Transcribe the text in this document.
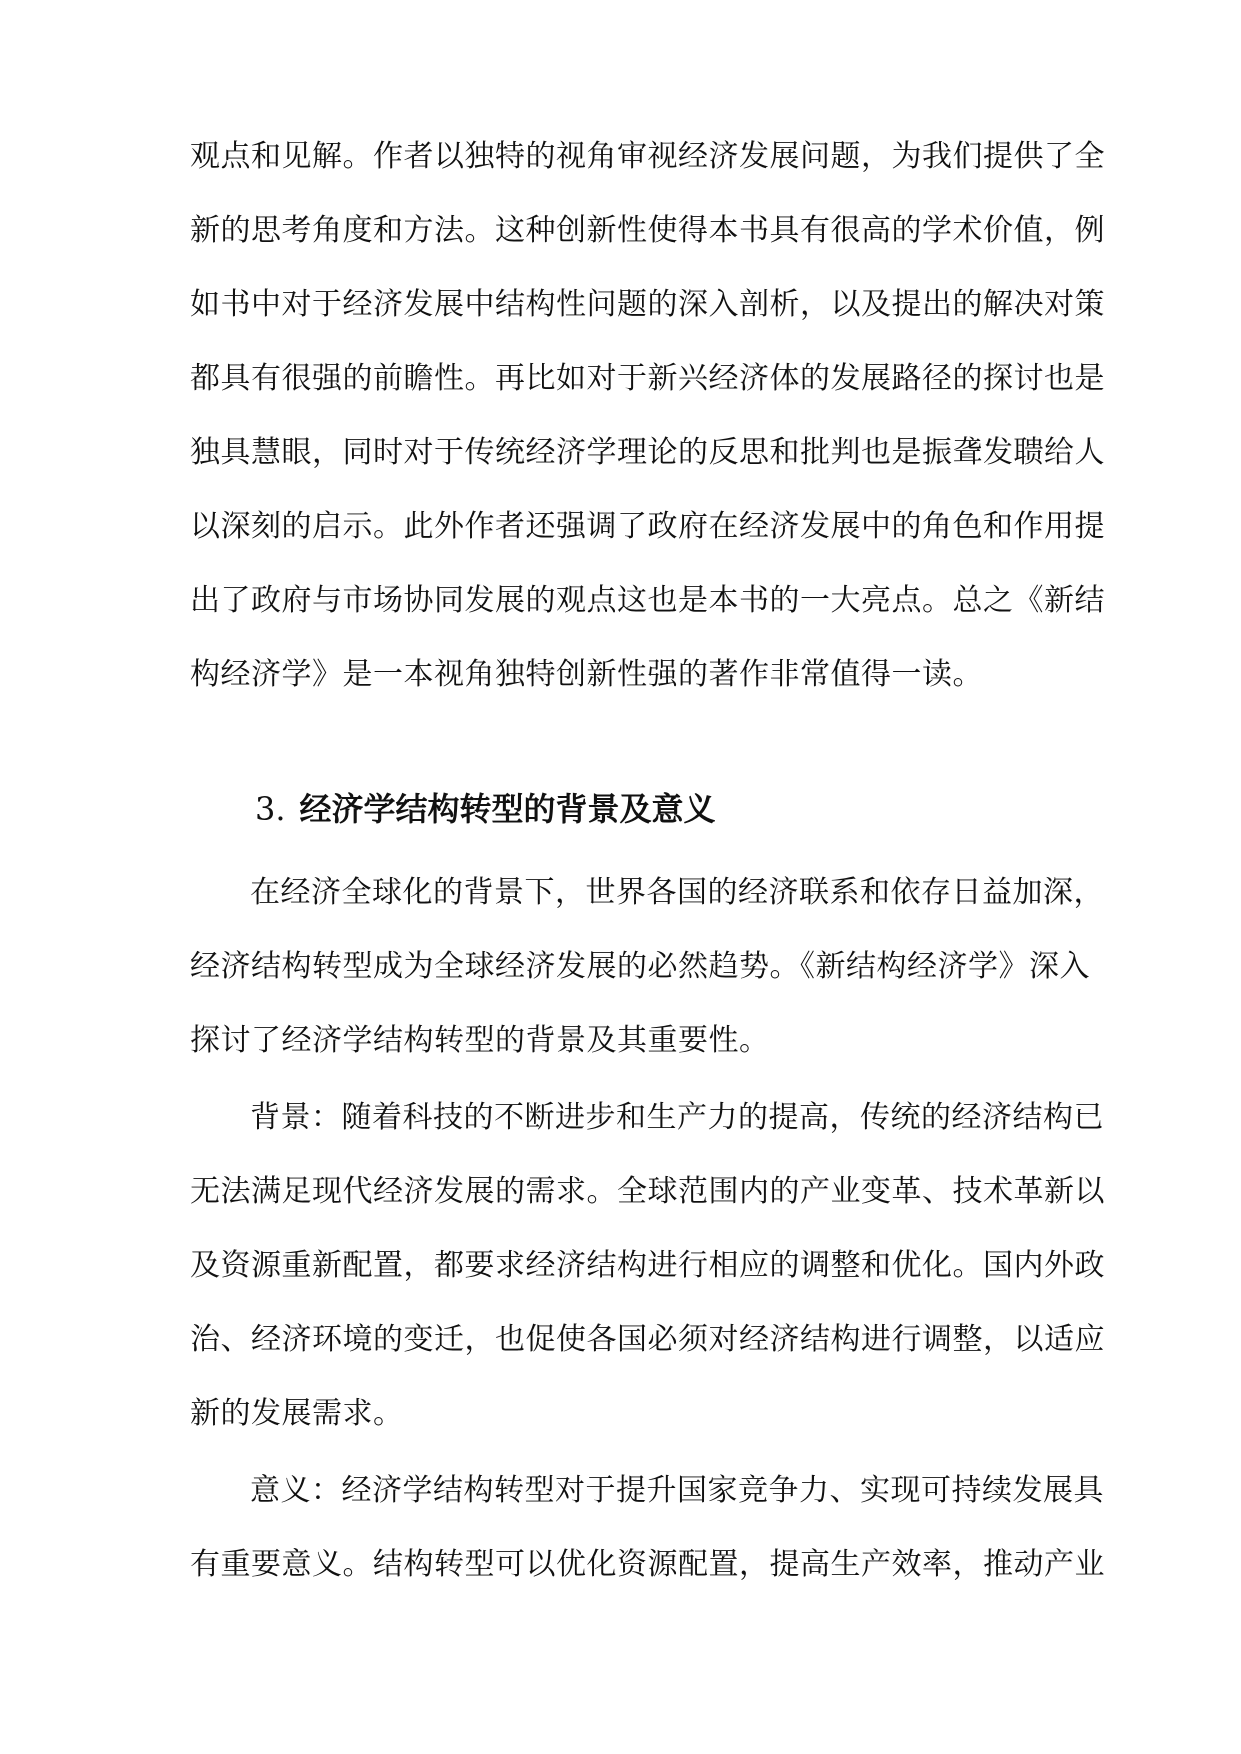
观点和见解。作者以独特的视角审视经济发展问题，为我们提供了全
新的思考角度和方法。这种创新性使得本书具有很高的学术价值，例
如书中对于经济发展中结构性问题的深入剖析，以及提出的解决对策
都具有很强的前瞻性。再比如对于新兴经济体的发展路径的探讨也是
独具慧眼，同时对于传统经济学理论的反思和批判也是振聋发聩给人
以深刻的启示。此外作者还强调了政府在经济发展中的角色和作用提
出了政府与市场协同发展的观点这也是本书的一大亮点。总之《新结
构经济学》是一本视角独特创新性强的著作非常值得一读。
3. 经济学结构转型的背景及意义
在经济全球化的背景下，世界各国的经济联系和依存日益加深，
经济结构转型成为全球经济发展的必然趋势。《新结构经济学》深入
探讨了经济学结构转型的背景及其重要性。
背景：随着科技的不断进步和生产力的提高，传统的经济结构已
无法满足现代经济发展的需求。全球范围内的产业变革、技术革新以
及资源重新配置，都要求经济结构进行相应的调整和优化。国内外政
治、经济环境的变迁，也促使各国必须对经济结构进行调整，以适应
新的发展需求。
意义：经济学结构转型对于提升国家竞争力、实现可持续发展具
有重要意义。结构转型可以优化资源配置，提高生产效率，推动产业
